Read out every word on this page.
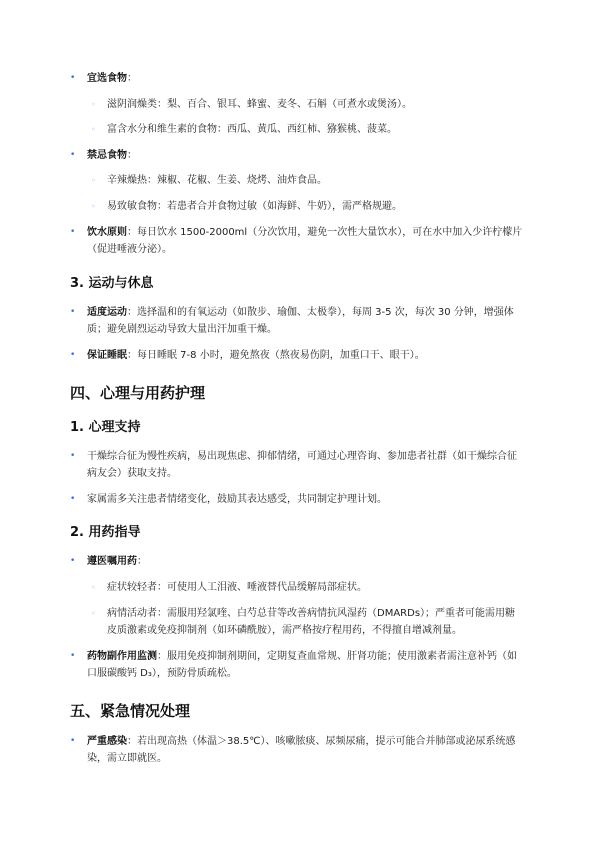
• 宜选食物：
◦ 滋阴润燥类：梨、百合、银耳、蜂蜜、麦冬、石斛（可煮水或煲汤）。
◦ 富含水分和维生素的食物：西瓜、黄瓜、西红柿、猕猴桃、菠菜。
• 禁忌食物：
◦ 辛辣燥热：辣椒、花椒、生姜、烧烤、油炸食品。
◦ 易致敏食物：若患者合并食物过敏（如海鲜、牛奶），需严格规避。
• 饮水原则：每日饮水 1500-2000ml（分次饮用，避免一次性大量饮水），可在水中加入少许柠檬片（促进唾液分泌）。
3. 运动与休息
• 适度运动：选择温和的有氧运动（如散步、瑜伽、太极拳），每周 3-5 次，每次 30 分钟，增强体质；避免剧烈运动导致大量出汗加重干燥。
• 保证睡眠：每日睡眠 7-8 小时，避免熬夜（熬夜易伤阴，加重口干、眼干）。
四、心理与用药护理
1. 心理支持
• 干燥综合征为慢性疾病，易出现焦虑、抑郁情绪，可通过心理咨询、参加患者社群（如干燥综合征病友会）获取支持。
• 家属需多关注患者情绪变化，鼓励其表达感受，共同制定护理计划。
2. 用药指导
• 遵医嘱用药：
◦ 症状较轻者：可使用人工泪液、唾液替代品缓解局部症状。
◦ 病情活动者：需服用羟氯喹、白芍总苷等改善病情抗风湿药（DMARDs）；严重者可能需用糖皮质激素或免疫抑制剂（如环磷酰胺），需严格按疗程用药，不得擅自增减剂量。
• 药物副作用监测：服用免疫抑制剂期间，定期复查血常规、肝肾功能；使用激素者需注意补钙（如口服碳酸钙 D₃），预防骨质疏松。
五、紧急情况处理
• 严重感染：若出现高热（体温＞38.5℃）、咳嗽脓痰、尿频尿痛，提示可能合并肺部或泌尿系统感染，需立即就医。
